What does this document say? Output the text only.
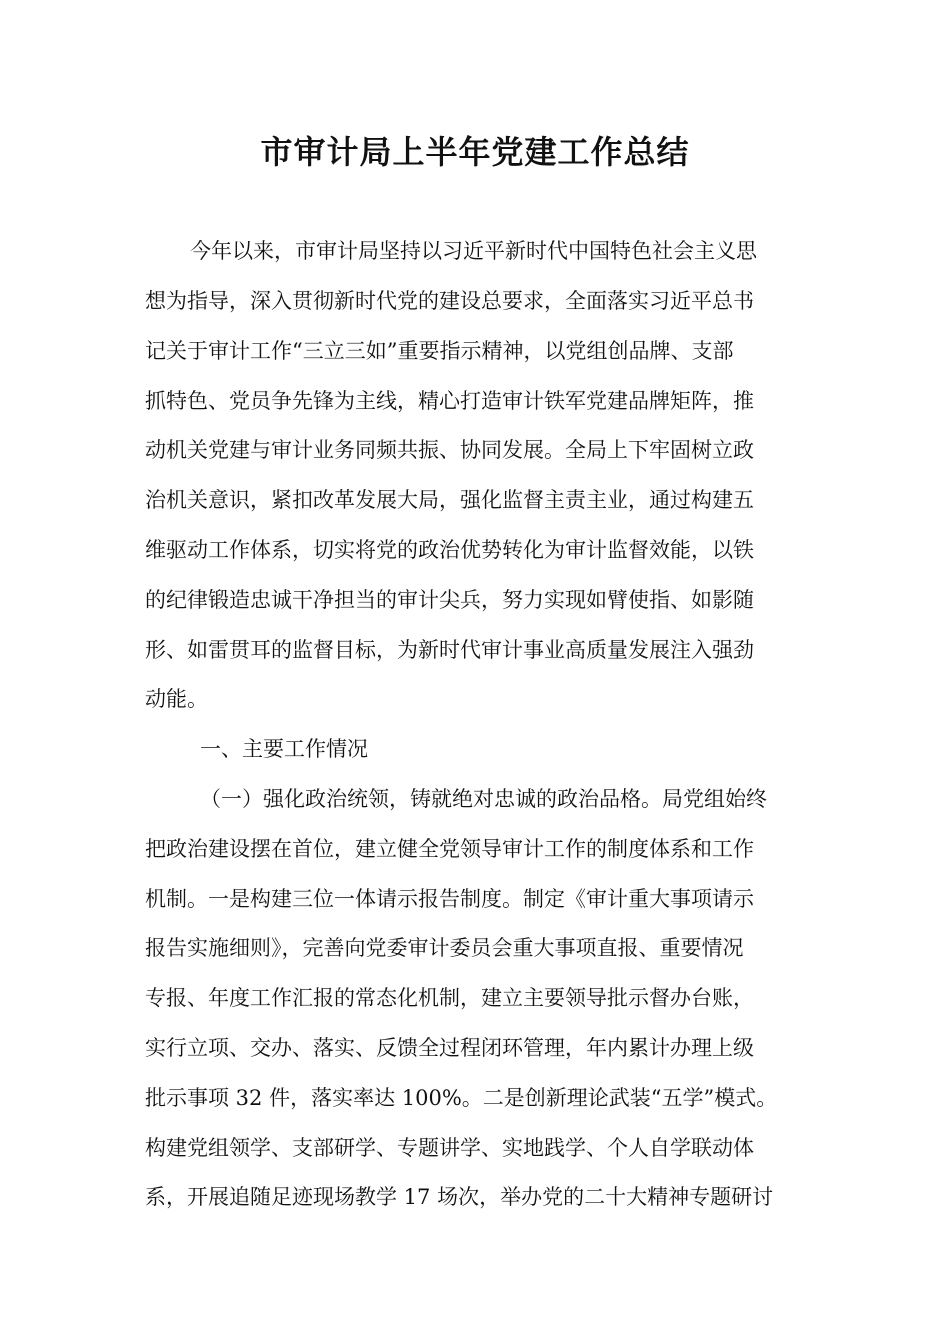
市审计局上半年党建工作总结
今年以来，市审计局坚持以习近平新时代中国特色社会主义思
想为指导，深入贯彻新时代党的建设总要求，全面落实习近平总书
记关于审计工作“三立三如”重要指示精神，以党组创品牌、支部
抓特色、党员争先锋为主线，精心打造审计铁军党建品牌矩阵，推
动机关党建与审计业务同频共振、协同发展。全局上下牢固树立政
治机关意识，紧扣改革发展大局，强化监督主责主业，通过构建五
维驱动工作体系，切实将党的政治优势转化为审计监督效能，以铁
的纪律锻造忠诚干净担当的审计尖兵，努力实现如臂使指、如影随
形、如雷贯耳的监督目标，为新时代审计事业高质量发展注入强劲
动能。
一、主要工作情况
（一）强化政治统领，铸就绝对忠诚的政治品格。局党组始终
把政治建设摆在首位，建立健全党领导审计工作的制度体系和工作
机制。一是构建三位一体请示报告制度。制定《审计重大事项请示
报告实施细则》，完善向党委审计委员会重大事项直报、重要情况
专报、年度工作汇报的常态化机制，建立主要领导批示督办台账，
实行立项、交办、落实、反馈全过程闭环管理，年内累计办理上级
批示事项 32 件，落实率达 100%。二是创新理论武装“五学”模式。
构建党组领学、支部研学、专题讲学、实地践学、个人自学联动体
系，开展追随足迹现场教学 17 场次，举办党的二十大精神专题研讨
